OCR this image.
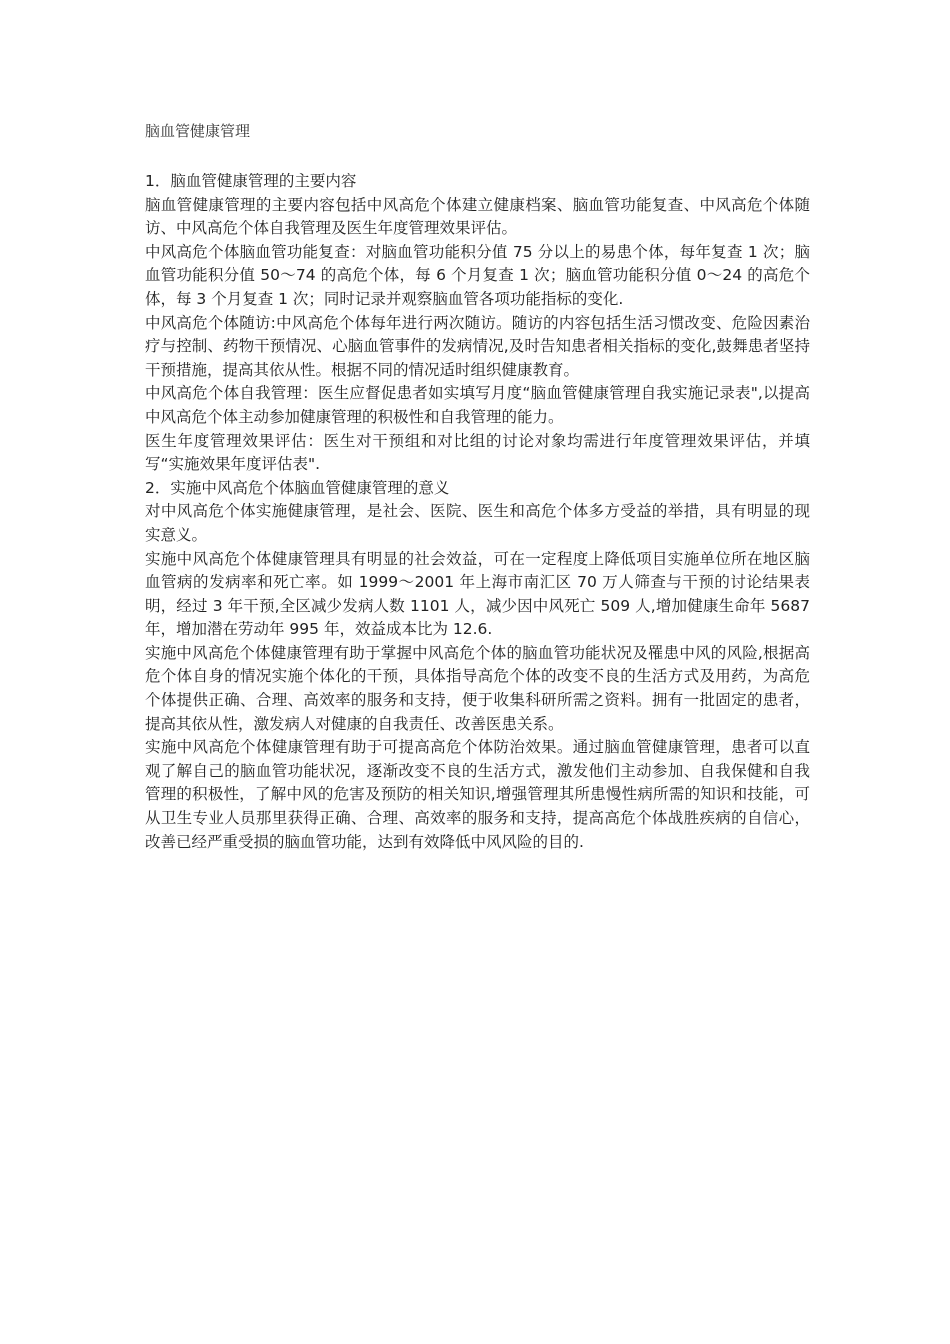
脑血管健康管理
1．脑血管健康管理的主要内容

脑血管健康管理的主要内容包括中风高危个体建立健康档案、脑血管功能复查、中风高危个体随访、中风高危个体自我管理及医生年度管理效果评估。

中风高危个体脑血管功能复查：对脑血管功能积分值 75 分以上的易患个体，每年复查 1 次；脑血管功能积分值 50～74 的高危个体，每 6 个月复查 1 次；脑血管功能积分值 0～24 的高危个体，每 3 个月复查 1 次；同时记录并观察脑血管各项功能指标的变化.

中风高危个体随访:中风高危个体每年进行两次随访。随访的内容包括生活习惯改变、危险因素治疗与控制、药物干预情况、心脑血管事件的发病情况,及时告知患者相关指标的变化,鼓舞患者坚持干预措施，提高其依从性。根据不同的情况适时组织健康教育。

中风高危个体自我管理：医生应督促患者如实填写月度“脑血管健康管理自我实施记录表",以提高中风高危个体主动参加健康管理的积极性和自我管理的能力。

医生年度管理效果评估：医生对干预组和对比组的讨论对象均需进行年度管理效果评估，并填写“实施效果年度评估表".

2．实施中风高危个体脑血管健康管理的意义

对中风高危个体实施健康管理，是社会、医院、医生和高危个体多方受益的举措，具有明显的现实意义。

实施中风高危个体健康管理具有明显的社会效益，可在一定程度上降低项目实施单位所在地区脑血管病的发病率和死亡率。如 1999～2001 年上海市南汇区 70 万人筛查与干预的讨论结果表明，经过 3 年干预,全区减少发病人数 1101 人，减少因中风死亡 509 人,增加健康生命年 5687 年，增加潜在劳动年 995 年，效益成本比为 12.6.

实施中风高危个体健康管理有助于掌握中风高危个体的脑血管功能状况及罹患中风的风险,根据高危个体自身的情况实施个体化的干预，具体指导高危个体的改变不良的生活方式及用药，为高危个体提供正确、合理、高效率的服务和支持，便于收集科研所需之资料。拥有一批固定的患者，提高其依从性，激发病人对健康的自我责任、改善医患关系。

实施中风高危个体健康管理有助于可提高高危个体防治效果。通过脑血管健康管理，患者可以直观了解自己的脑血管功能状况，逐渐改变不良的生活方式，激发他们主动参加、自我保健和自我管理的积极性，了解中风的危害及预防的相关知识,增强管理其所患慢性病所需的知识和技能，可从卫生专业人员那里获得正确、合理、高效率的服务和支持，提高高危个体战胜疾病的自信心，改善已经严重受损的脑血管功能，达到有效降低中风风险的目的.
